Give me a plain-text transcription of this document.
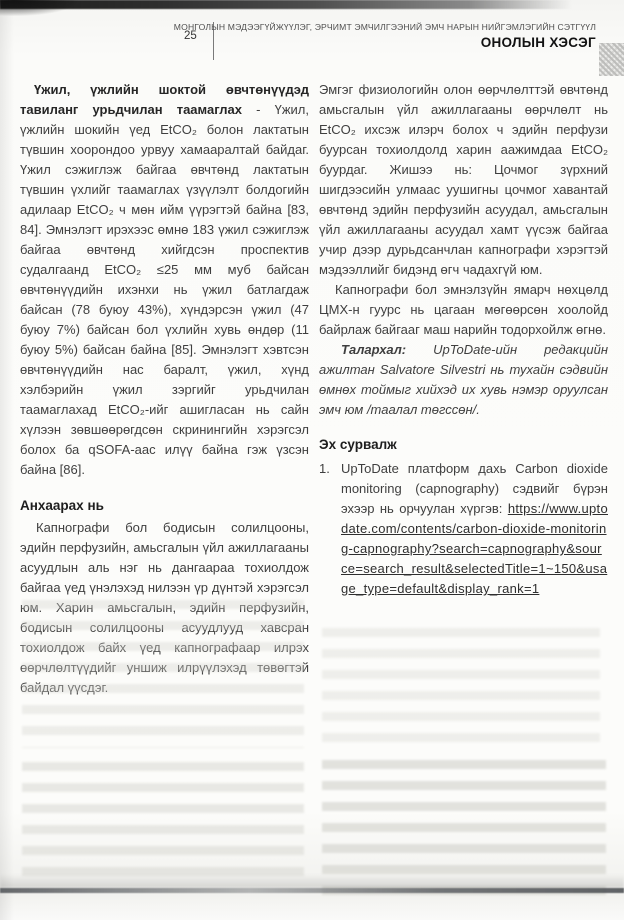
25
МОНГОЛЫН МЭДЭЭГҮЙЖҮҮЛЭГ, ЭРЧИМТ ЭМЧИЛГЭЭНИЙ ЭМЧ НАРЫН НИЙГЭМЛЭГИЙН СЭТГҮҮЛ
ОНОЛЫН ХЭСЭГ

Үжил, үжлийн шоктой өвчтөнүүдэд тавиланг урьдчилан таамаглах - Үжил, үжлийн шокийн үед EtCO₂ болон лактатын түвшин хоорондоо урвуу хамааралтай байдаг. Үжил сэжиглэж байгаа өвчтөнд лактатын түвшин үхлийг таамаглах үзүүлэлт болдогийн адилаар EtCO₂ ч мөн ийм үүрэгтэй байна [83, 84]. Эмнэлэгт ирэхээс өмнө 183 үжил сэжиглэж байгаа өвчтөнд хийгдсэн проспектив судалгаанд EtCO₂ ≤25 мм муб байсан өвчтөнүүдийн ихэнхи нь үжил батлагдаж байсан (78 буюу 43%), хүндэрсэн үжил (47 буюу 7%) байсан бол үхлийн хувь өндөр (11 буюу 5%) байсан байна [85]. Эмнэлэгт хэвтсэн өвчтөнүүдийн нас баралт, үжил, хүнд хэлбэрийн үжил зэргийг урьдчилан таамаглахад EtCO₂-ийг ашигласан нь сайн хүлээн зөвшөөрөгдсөн скринингийн хэрэгсэл болох ба qSOFA-аас илүү байна гэж үзсэн байна [86].

Анхаарах нь

Капнографи бол бодисын солилцооны, эдийн перфузийн, амьсгалын үйл ажиллагааны асуудлын аль нэг нь дангаараа тохиолдож байгаа үед үнэлэхэд нилээн үр дүнтэй хэрэгсэл юм. Харин амьсгалын, эдийн перфузийн, бодисын солилцооны асуудлууд хавсран тохиолдож байх үед капнографаар илрэх өөрчлөлтүүдийг уншиж илрүүлэхэд төвөгтэй байдал үүсдэг.

Эмгэг физиологийн олон өөрчлөлттэй өвчтөнд амьсгалын үйл ажиллагааны өөрчлөлт нь EtCO₂ ихсэж илэрч болох ч эдийн перфузи буурсан тохиолдолд харин аажимдаа EtCO₂ буурдаг. Жишээ нь: Цочмог зүрхний шигдээсийн улмаас уушигны цочмог хавантай өвчтөнд эдийн перфузийн асуудал, амьсгалын үйл ажиллагааны асуудал хамт үүсэж байгаа учир дээр дурьдсанчлан капнографи хэрэгтэй мэдээллийг бидэнд өгч чадахгүй юм.

Капнографи бол эмнэлзүйн ямарч нөхцөлд ЦМХ-н гуурс нь цагаан мөгөөрсөн хоолойд байрлаж байгааг маш нарийн тодорхойлж өгнө.

Талархал: UpToDate-ийн редакцийн ажилтан Salvatore Silvestri нь тухайн сэдвийн өмнөх тоймыг хийхэд их хувь нэмэр оруулсан эмч юм /таалал төгссөн/.

Эх сурвалж
1. UpToDate платформ дахь Carbon dioxide monitoring (capnography) сэдвийг бүрэн эхээр нь орчуулан хүргэв: https://www.uptodate.com/contents/carbon-dioxide-monitoring-capnography?search=capnography&source=search_result&selectedTitle=1~150&usage_type=default&display_rank=1
